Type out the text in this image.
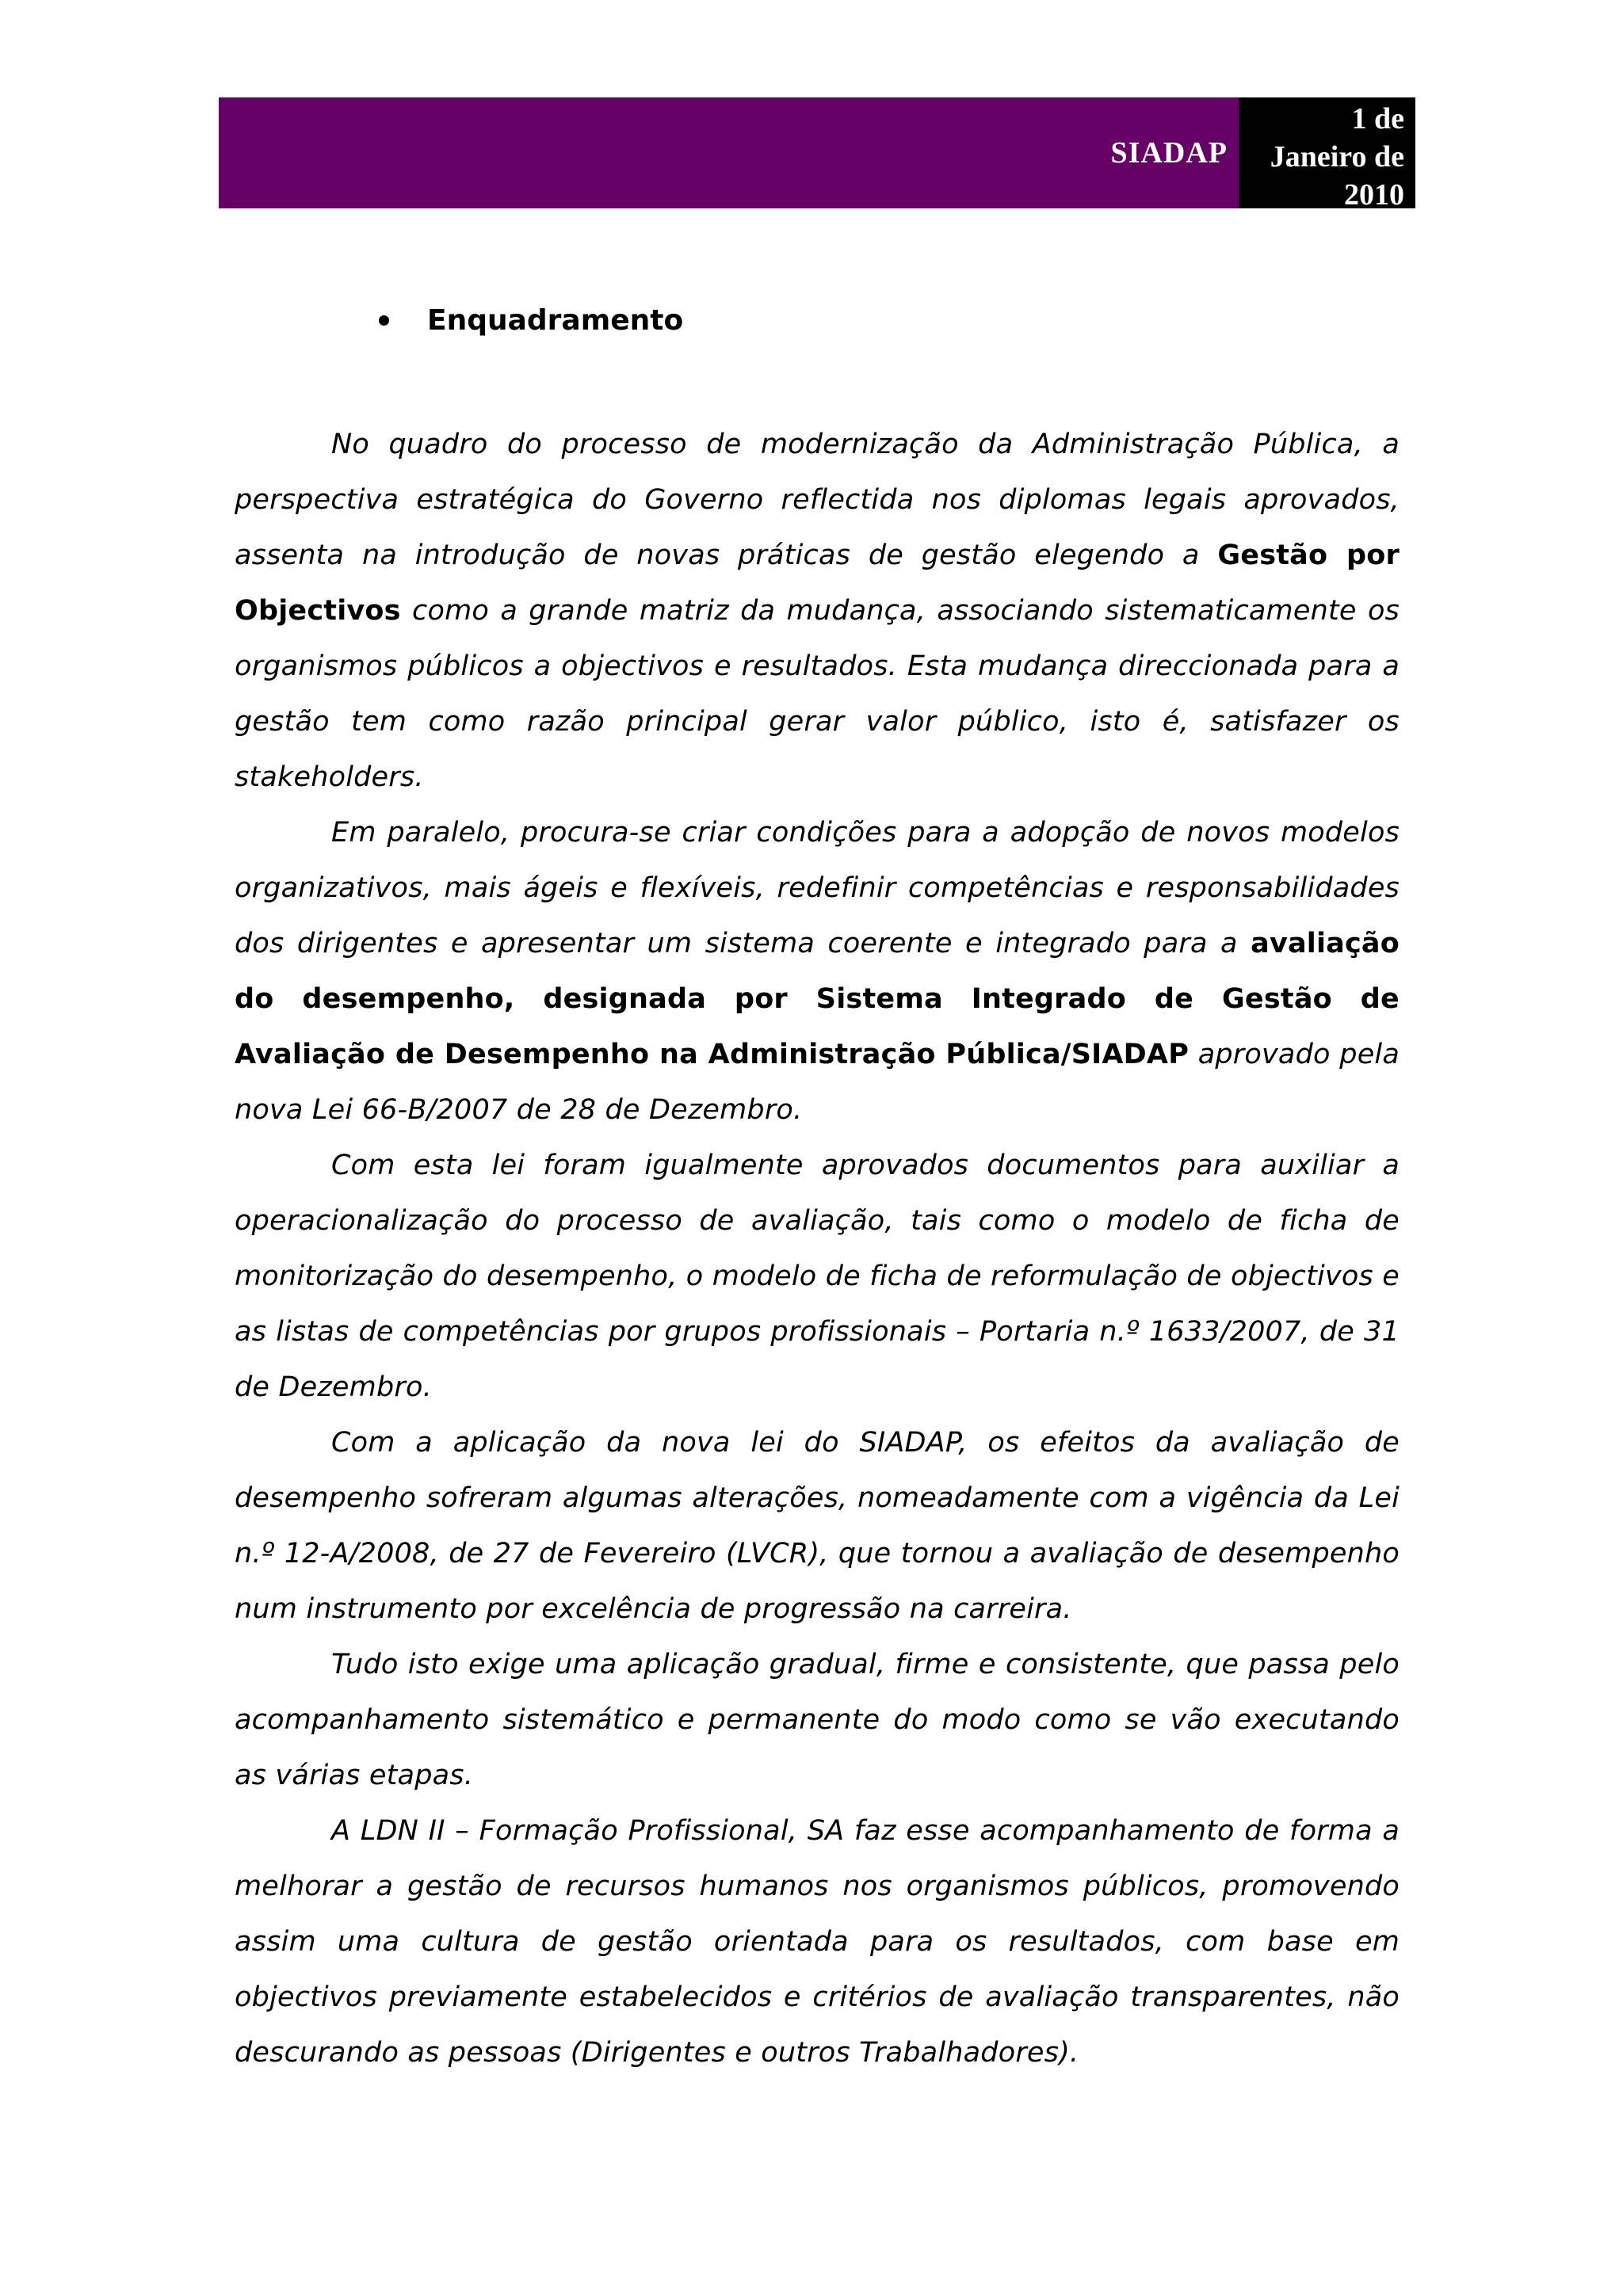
SIADAP
1 de
Janeiro de
2010
Enquadramento

No quadro do processo de modernização da Administração Pública, a perspectiva estratégica do Governo reflectida nos diplomas legais aprovados, assenta na introdução de novas práticas de gestão elegendo a Gestão por Objectivos como a grande matriz da mudança, associando sistematicamente os organismos públicos a objectivos e resultados. Esta mudança direccionada para a gestão tem como razão principal gerar valor público, isto é, satisfazer os stakeholders.

Em paralelo, procura-se criar condições para a adopção de novos modelos organizativos, mais ágeis e flexíveis, redefinir competências e responsabilidades dos dirigentes e apresentar um sistema coerente e integrado para a avaliação do desempenho, designada por Sistema Integrado de Gestão de Avaliação de Desempenho na Administração Pública/SIADAP aprovado pela nova Lei 66-B/2007 de 28 de Dezembro.

Com esta lei foram igualmente aprovados documentos para auxiliar a operacionalização do processo de avaliação, tais como o modelo de ficha de monitorização do desempenho, o modelo de ficha de reformulação de objectivos e as listas de competências por grupos profissionais – Portaria n.º 1633/2007, de 31 de Dezembro.

Com a aplicação da nova lei do SIADAP, os efeitos da avaliação de desempenho sofreram algumas alterações, nomeadamente com a vigência da Lei n.º 12-A/2008, de 27 de Fevereiro (LVCR), que tornou a avaliação de desempenho num instrumento por excelência de progressão na carreira.

Tudo isto exige uma aplicação gradual, firme e consistente, que passa pelo acompanhamento sistemático e permanente do modo como se vão executando as várias etapas.

A LDN II – Formação Profissional, SA faz esse acompanhamento de forma a melhorar a gestão de recursos humanos nos organismos públicos, promovendo assim uma cultura de gestão orientada para os resultados, com base em objectivos previamente estabelecidos e critérios de avaliação transparentes, não descurando as pessoas (Dirigentes e outros Trabalhadores).
